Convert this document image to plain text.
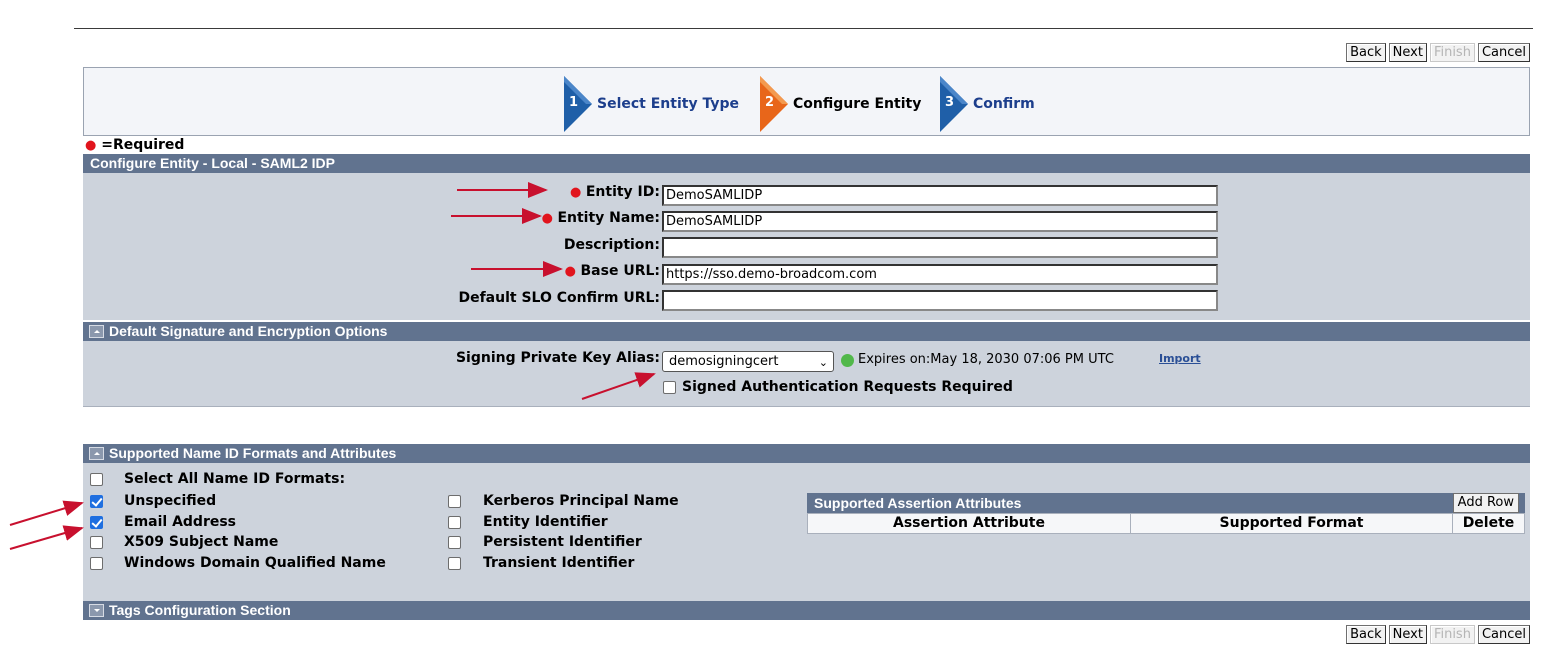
Back Next Finish Cancel
1 Select Entity Type 2 Configure Entity 3 Confirm
● =Required
Configure Entity - Local - SAML2 IDP
● Entity ID:
DemoSAMLIDP
● Entity Name:
DemoSAMLIDP
Description:
● Base URL:
https://sso.demo-broadcom.com
Default SLO Confirm URL:
Default Signature and Encryption Options
Signing Private Key Alias: demosigningcert	⌄ Expires on:May 18, 2030 07:06 PM UTC	Import
Signed Authentication Requests Required
Supported Name ID Formats and Attributes
Select All Name ID Formats:
Unspecified
Email Address
X509 Subject Name
Windows Domain Qualified Name
Kerberos Principal Name
Entity Identifier
Persistent Identifier
Transient Identifier
Supported Assertion Attributes	Add Row
Assertion Attribute	Supported Format	Delete
Tags Configuration Section
Back Next Finish Cancel
